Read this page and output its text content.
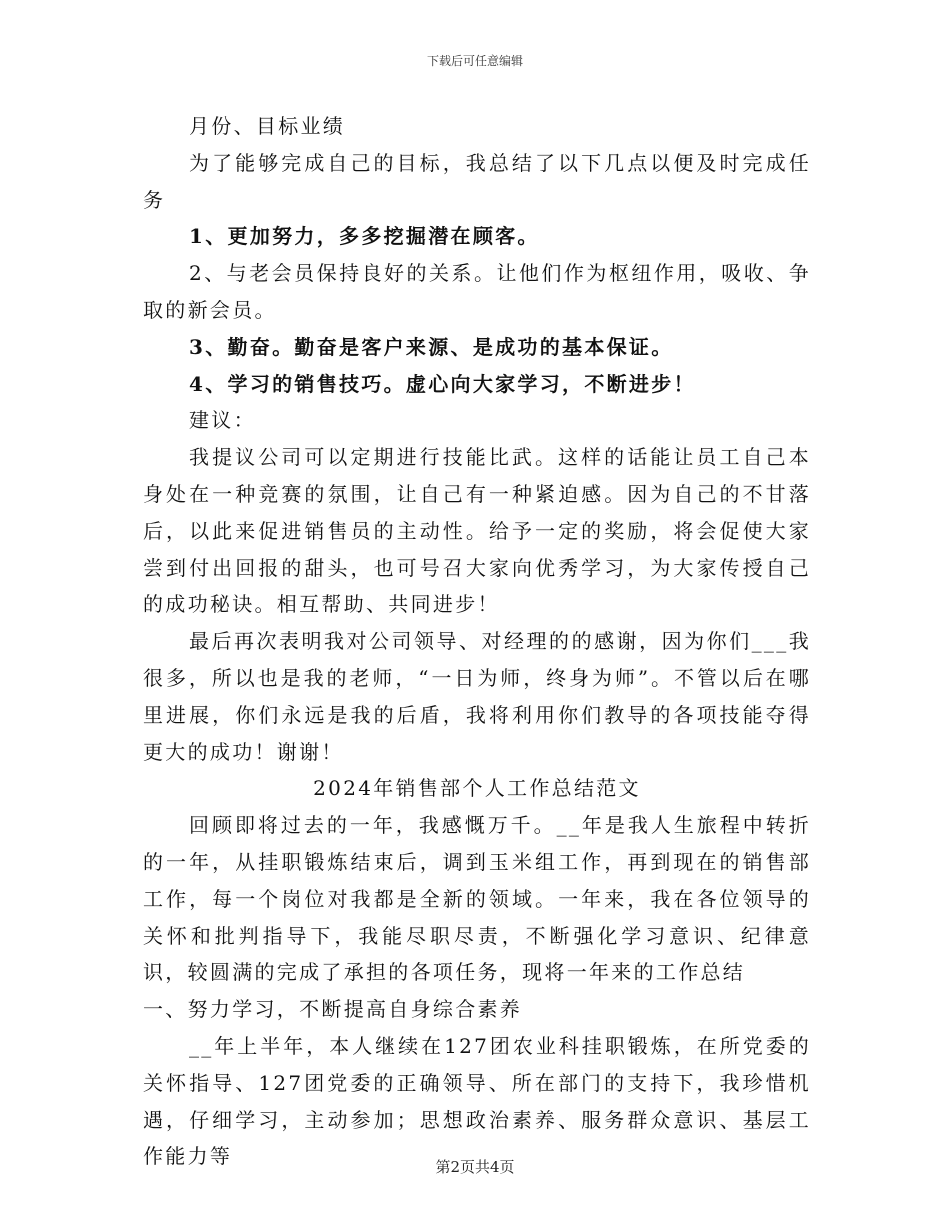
下载后可任意编辑

月份、目标业绩

为了能够完成自己的目标，我总结了以下几点以便及时完成任务

1、更加努力，多多挖掘潜在顾客。

2、与老会员保持良好的关系。让他们作为枢纽作用，吸收、争取的新会员。

3、勤奋。勤奋是客户来源、是成功的基本保证。

4、学习的销售技巧。虚心向大家学习，不断进步！

建议：

我提议公司可以定期进行技能比武。这样的话能让员工自己本身处在一种竞赛的氛围，让自己有一种紧迫感。因为自己的不甘落后，以此来促进销售员的主动性。给予一定的奖励，将会促使大家尝到付出回报的甜头，也可号召大家向优秀学习，为大家传授自己的成功秘诀。相互帮助、共同进步！

最后再次表明我对公司领导、对经理的的感谢，因为你们___我很多，所以也是我的老师，“一日为师，终身为师”。不管以后在哪里进展，你们永远是我的后盾，我将利用你们教导的各项技能夺得更大的成功！谢谢！

2024年销售部个人工作总结范文

回顾即将过去的一年，我感慨万千。__年是我人生旅程中转折的一年，从挂职锻炼结束后，调到玉米组工作，再到现在的销售部工作，每一个岗位对我都是全新的领域。一年来，我在各位领导的关怀和批判指导下，我能尽职尽责，不断强化学习意识、纪律意识，较圆满的完成了承担的各项任务，现将一年来的工作总结

一、努力学习，不断提高自身综合素养

__年上半年，本人继续在127团农业科挂职锻炼，在所党委的关怀指导、127团党委的正确领导、所在部门的支持下，我珍惜机遇，仔细学习，主动参加；思想政治素养、服务群众意识、基层工作能力等	第2页共4页
